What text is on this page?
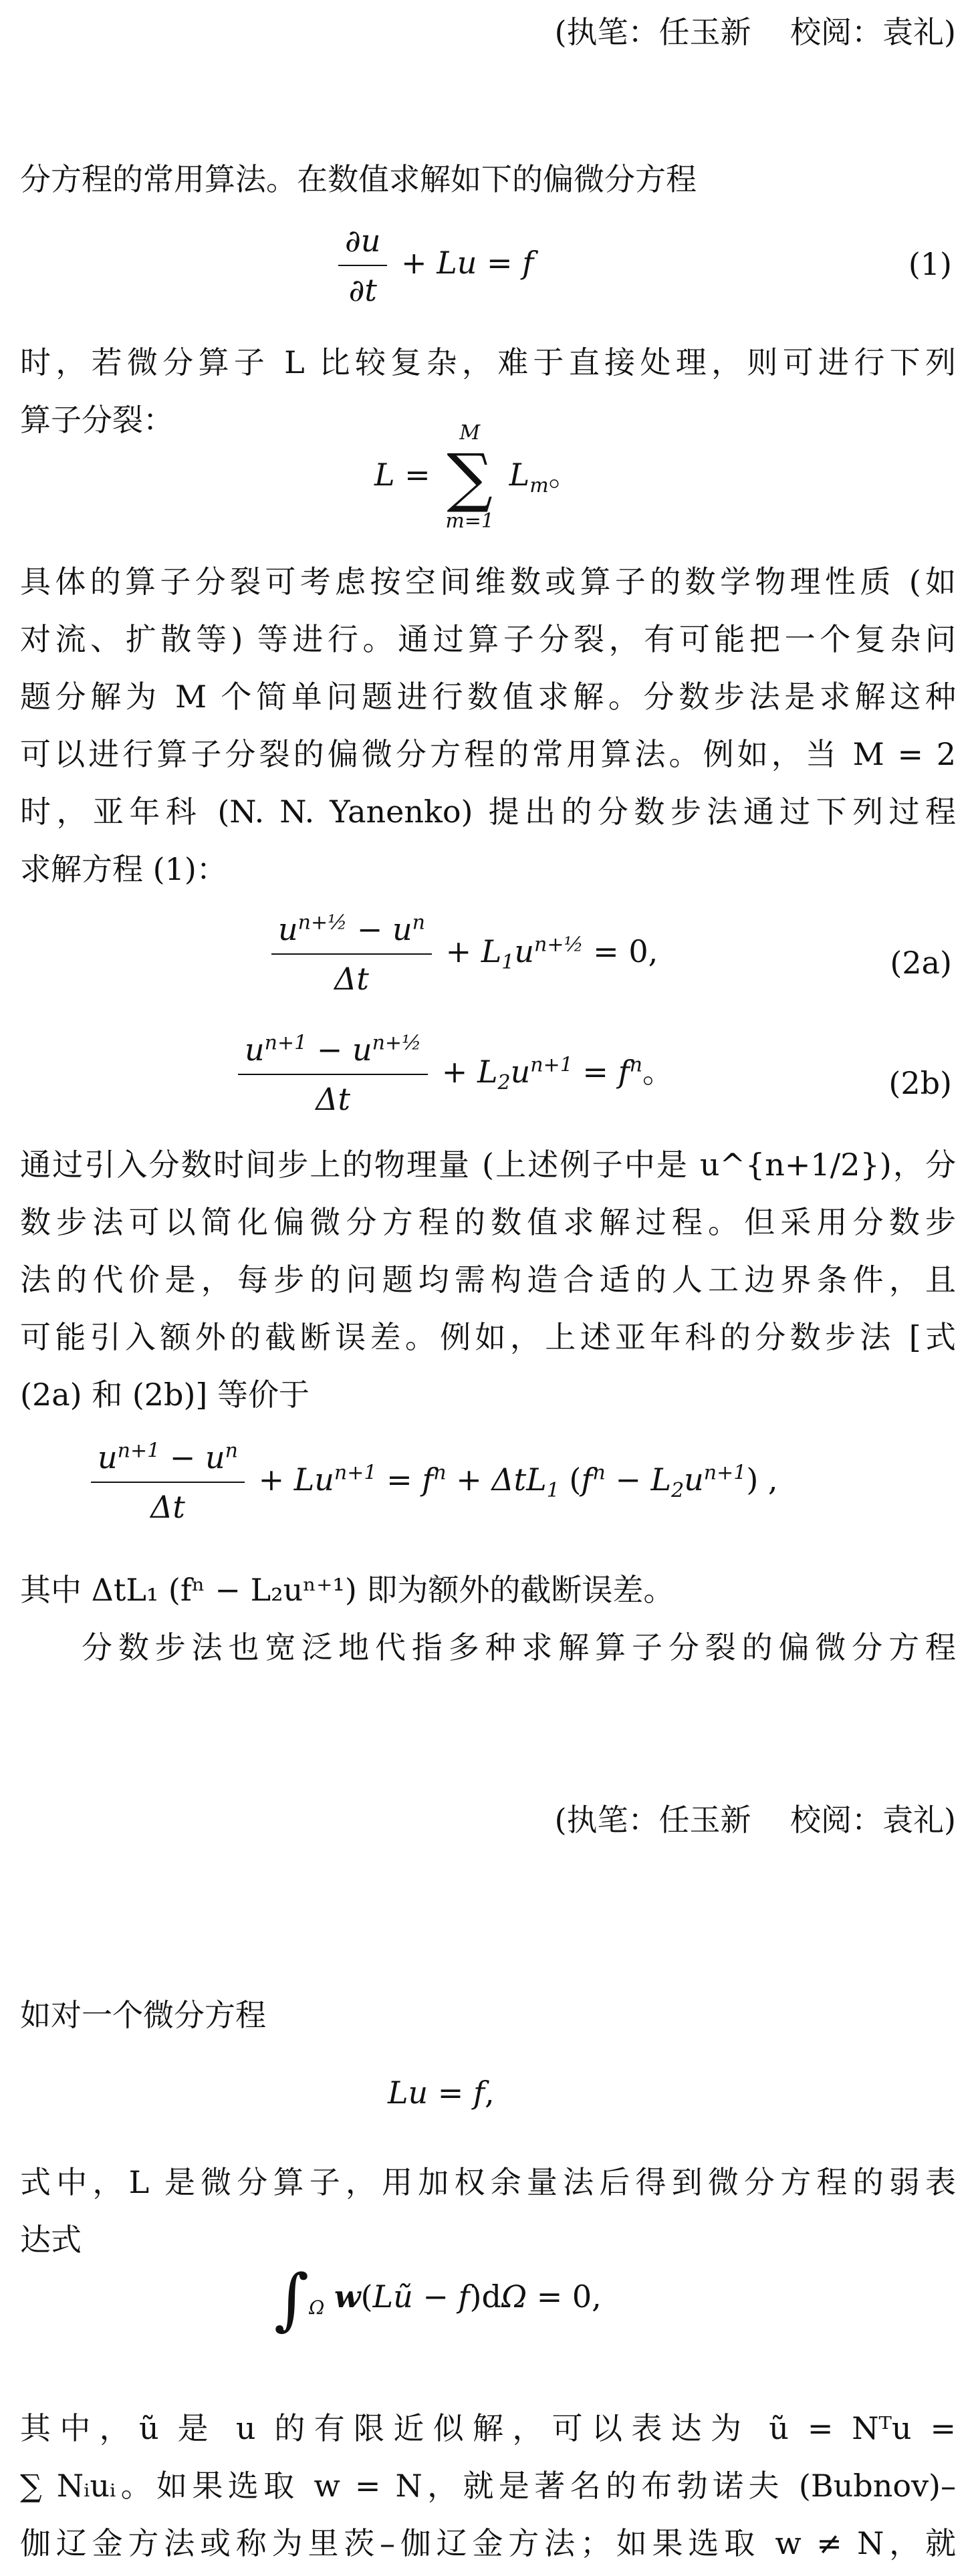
(执笔：任玉新    校阅：袁礼)

分方程的常用算法。在数值求解如下的偏微分方程
$\frac{\partial u}{\partial t} + Lu = f$	(1)
时，若微分算子 L 比较复杂，难于直接处理，则可进行下列
算子分裂：
L =
M
∑
m=1
$L_m$。
具体的算子分裂可考虑按空间维数或算子的数学物理性质 (如
对流、扩散等) 等进行。通过算子分裂，有可能把一个复杂问
题分解为 M 个简单问题进行数值求解。分数步法是求解这种
可以进行算子分裂的偏微分方程的常用算法。例如，当 M = 2
时，亚年科 (N. N. Yanenko) 提出的分数步法通过下列过程
求解方程 (1)：
$\frac{u^{n+\frac{1}{2}} - u^n}{\Delta t} + L_1u^{n+\frac{1}{2}} = 0$,	(2a)
$\frac{u^{n+1} - u^{n+\frac{1}{2}}}{\Delta t} + L_2u^{n+1} = f^n$。	(2b)
通过引入分数时间步上的物理量 (上述例子中是 u^{n+1/2})，分
数步法可以简化偏微分方程的数值求解过程。但采用分数步
法的代价是，每步的问题均需构造合适的人工边界条件，且
可能引入额外的截断误差。例如，上述亚年科的分数步法 [式
(2a) 和 (2b)] 等价于
$\frac{u^{n+1} - u^n}{\Delta t} + Lu^{n+1} = f^n + \Delta tL_1$ $(f^n - L_2u^{n+1})$ ,
其中 ΔtL₁ (fⁿ − L₂uⁿ⁺¹) 即为额外的截断误差。
分数步法也宽泛地代指多种求解算子分裂的偏微分方程

(执笔：任玉新    校阅：袁礼)

如对一个微分方程
Lu = f,
式中，L 是微分算子，用加权余量法后得到微分方程的弱表
达式
$\int_\Omega$ w(Lũ − f)dΩ = 0,
其中，ũ 是 u 的有限近似解，可以表达为 ũ = Nᵀu =
∑ Nᵢuᵢ。如果选取 w = N，就是著名的布勃诺夫 (Bubnov)–
伽辽金方法或称为里茨–伽辽金方法；如果选取 w ≠ N，就
